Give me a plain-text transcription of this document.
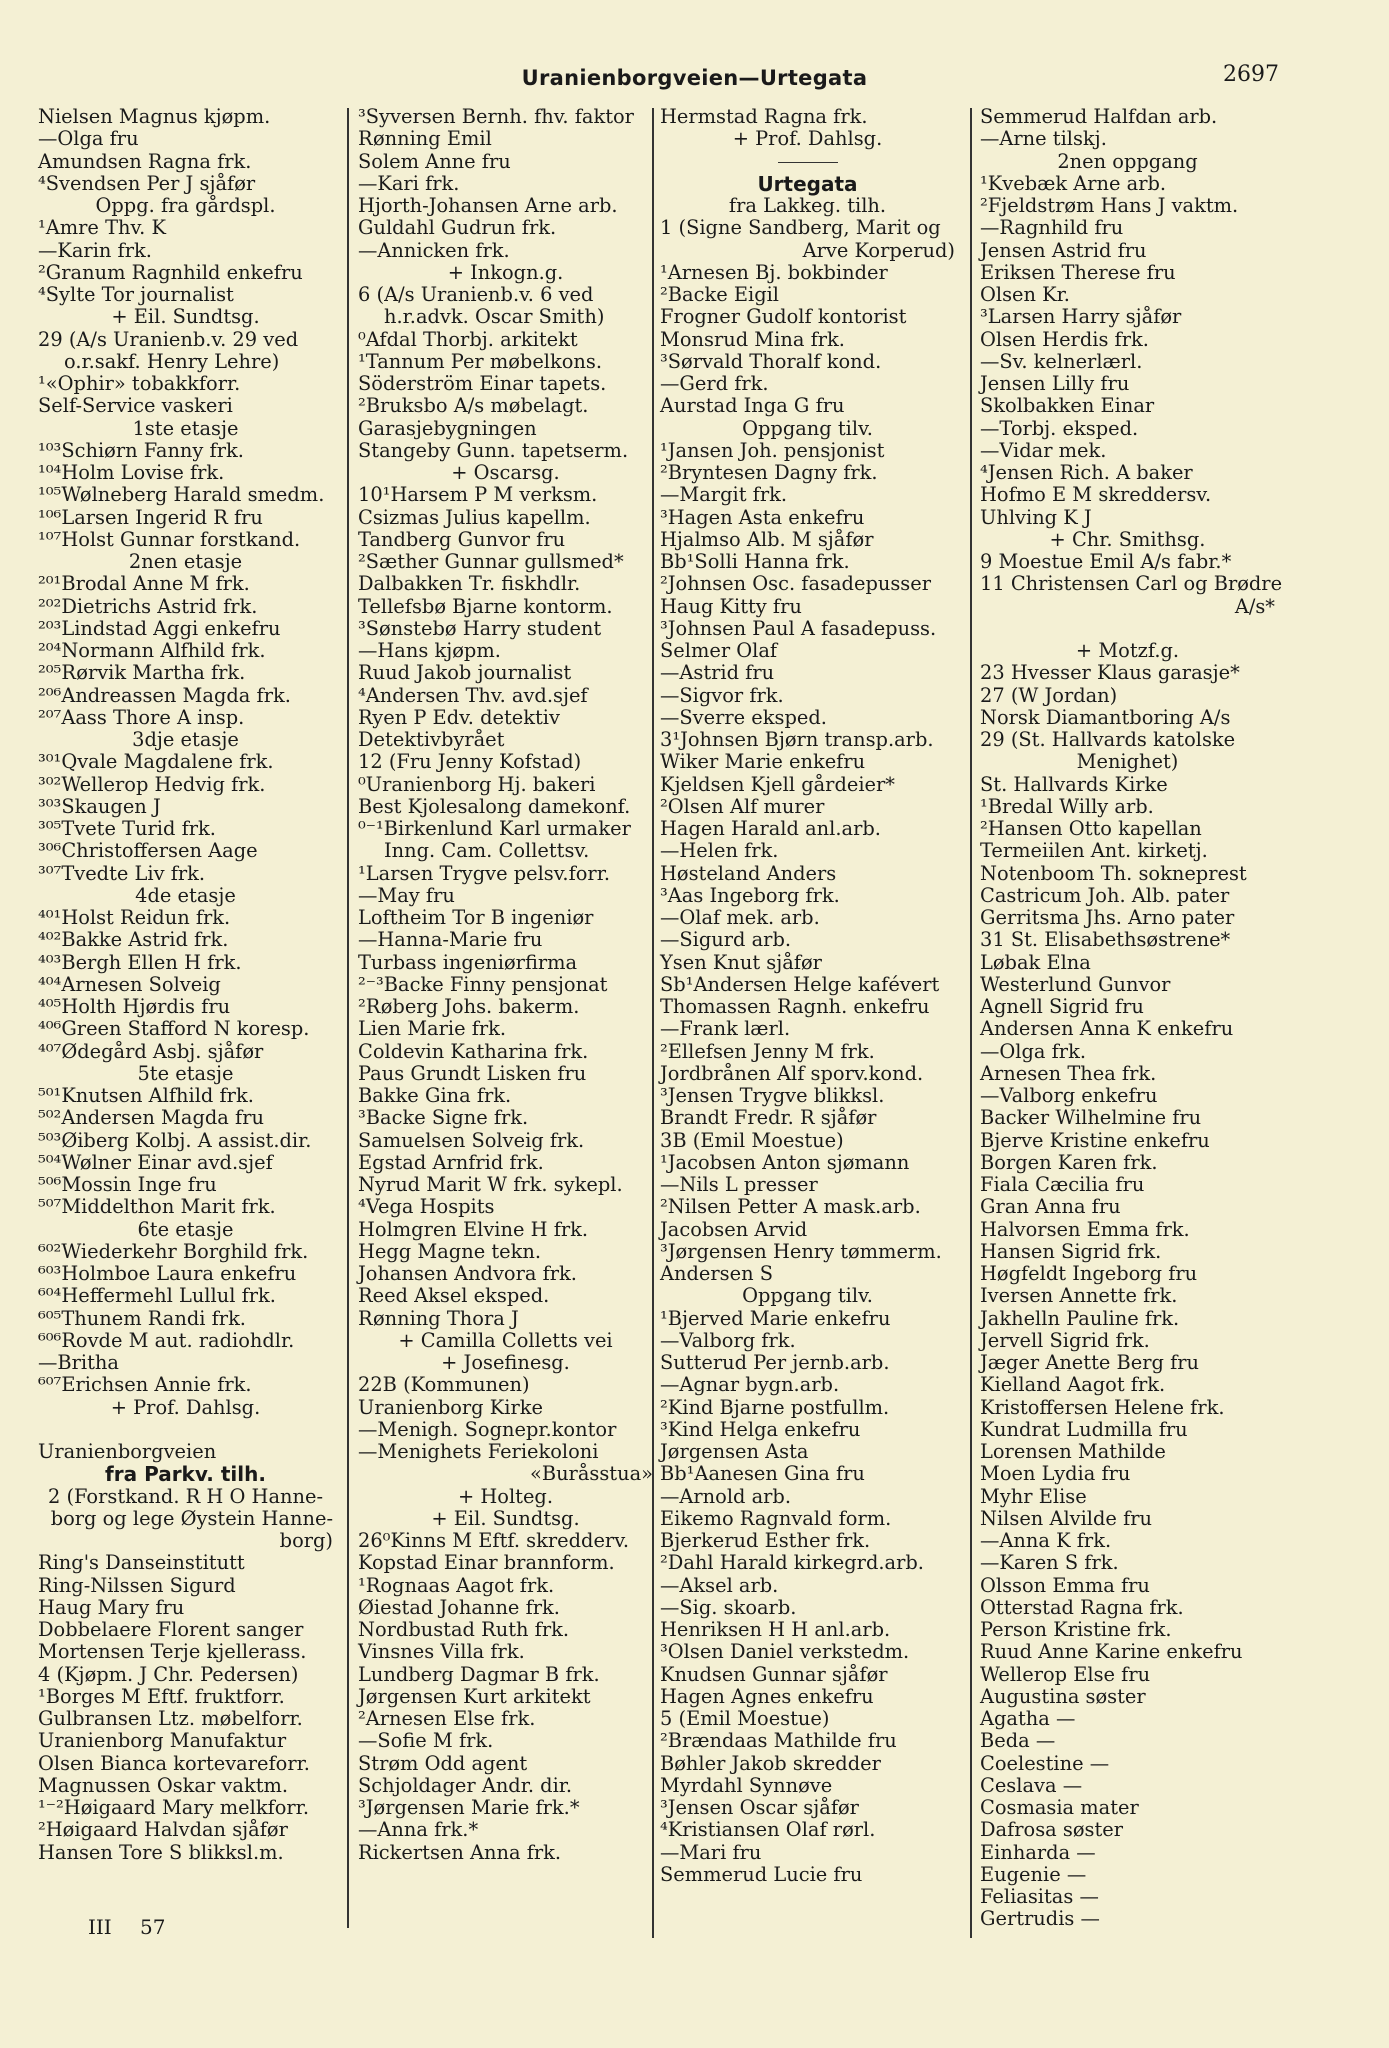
Uranienborgveien—Urtegata	2697
Nielsen Magnus kjøpm.
—Olga fru
Amundsen Ragna frk.
⁴Svendsen Per J sjåfør
Oppg. fra gårdspl.
¹Amre Thv. K
—Karin frk.
²Granum Ragnhild enkefru
⁴Sylte Tor journalist
+ Eil. Sundtsg.
29 (A/s Uranienb.v. 29 ved
o.r.sakf. Henry Lehre)
¹«Ophir» tobakkforr.
Self-Service vaskeri
1ste etasje
¹⁰³Schiørn Fanny frk.
¹⁰⁴Holm Lovise frk.
¹⁰⁵Wølneberg Harald smedm.
¹⁰⁶Larsen Ingerid R fru
¹⁰⁷Holst Gunnar forstkand.
2nen etasje
²⁰¹Brodal Anne M frk.
²⁰²Dietrichs Astrid frk.
²⁰³Lindstad Aggi enkefru
²⁰⁴Normann Alfhild frk.
²⁰⁵Rørvik Martha frk.
²⁰⁶Andreassen Magda frk.
²⁰⁷Aass Thore A insp.
3dje etasje
³⁰¹Qvale Magdalene frk.
³⁰²Wellerop Hedvig frk.
³⁰³Skaugen J
³⁰⁵Tvete Turid frk.
³⁰⁶Christoffersen Aage
³⁰⁷Tvedte Liv frk.
4de etasje
⁴⁰¹Holst Reidun frk.
⁴⁰²Bakke Astrid frk.
⁴⁰³Bergh Ellen H frk.
⁴⁰⁴Arnesen Solveig
⁴⁰⁵Holth Hjørdis fru
⁴⁰⁶Green Stafford N koresp.
⁴⁰⁷Ødegård Asbj. sjåfør
5te etasje
⁵⁰¹Knutsen Alfhild frk.
⁵⁰²Andersen Magda fru
⁵⁰³Øiberg Kolbj. A assist.dir.
⁵⁰⁴Wølner Einar avd.sjef
⁵⁰⁶Mossin Inge fru
⁵⁰⁷Middelthon Marit frk.
6te etasje
⁶⁰²Wiederkehr Borghild frk.
⁶⁰³Holmboe Laura enkefru
⁶⁰⁴Heffermehl Lullul frk.
⁶⁰⁵Thunem Randi frk.
⁶⁰⁶Rovde M aut. radiohdlr.
—Britha
⁶⁰⁷Erichsen Annie frk.
+ Prof. Dahlsg.
Uranienborgveien
fra Parkv. tilh.
2 (Forstkand. R H O Hanne-
borg og lege Øystein Hanne-
borg)
Ring's Danseinstitutt
Ring-Nilssen Sigurd
Haug Mary fru
Dobbelaere Florent sanger
Mortensen Terje kjellerass.
4 (Kjøpm. J Chr. Pedersen)
¹Borges M Eftf. fruktforr.
Gulbransen Ltz. møbelforr.
Uranienborg Manufaktur
Olsen Bianca kortevareforr.
Magnussen Oskar vaktm.
¹⁻²Høigaard Mary melkforr.
²Høigaard Halvdan sjåfør
Hansen Tore S blikksl.m.
³Syversen Bernh. fhv. faktor
Rønning Emil
Solem Anne fru
—Kari frk.
Hjorth-Johansen Arne arb.
Guldahl Gudrun frk.
—Annicken frk.
+ Inkogn.g.
6 (A/s Uranienb.v. 6 ved
h.r.advk. Oscar Smith)
⁰Afdal Thorbj. arkitekt
¹Tannum Per møbelkons.
Söderström Einar tapets.
²Bruksbo A/s møbelagt.
Garasjebygningen
Stangeby Gunn. tapetserm.
+ Oscarsg.
10¹Harsem P M verksm.
Csizmas Julius kapellm.
Tandberg Gunvor fru
²Sæther Gunnar gullsmed*
Dalbakken Tr. fiskhdlr.
Tellefsbø Bjarne kontorm.
³Sønstebø Harry student
—Hans kjøpm.
Ruud Jakob journalist
⁴Andersen Thv. avd.sjef
Ryen P Edv. detektiv
Detektivbyrået
12 (Fru Jenny Kofstad)
⁰Uranienborg Hj. bakeri
Best Kjolesalong damekonf.
⁰⁻¹Birkenlund Karl urmaker
Inng. Cam. Collettsv.
¹Larsen Trygve pelsv.forr.
—May fru
Loftheim Tor B ingeniør
—Hanna-Marie fru
Turbass ingeniørfirma
²⁻³Backe Finny pensjonat
²Røberg Johs. bakerm.
Lien Marie frk.
Coldevin Katharina frk.
Paus Grundt Lisken fru
Bakke Gina frk.
³Backe Signe frk.
Samuelsen Solveig frk.
Egstad Arnfrid frk.
Nyrud Marit W frk. sykepl.
⁴Vega Hospits
Holmgren Elvine H frk.
Hegg Magne tekn.
Johansen Andvora frk.
Reed Aksel eksped.
Rønning Thora J
+ Camilla Colletts vei
+ Josefinesg.
22B (Kommunen)
Uranienborg Kirke
—Menigh. Sognepr.kontor
—Menighets Feriekoloni
«Buråsstua»
+ Holteg.
+ Eil. Sundtsg.
26⁰Kinns M Eftf. skredderv.
Kopstad Einar brannform.
¹Rognaas Aagot frk.
Øiestad Johanne frk.
Nordbustad Ruth frk.
Vinsnes Villa frk.
Lundberg Dagmar B frk.
Jørgensen Kurt arkitekt
²Arnesen Else frk.
—Sofie M frk.
Strøm Odd agent
Schjoldager Andr. dir.
³Jørgensen Marie frk.*
—Anna frk.*
Rickertsen Anna frk.
Hermstad Ragna frk.
+ Prof. Dahlsg.
Urtegata
fra Lakkeg. tilh.
1 (Signe Sandberg, Marit og
Arve Korperud)
¹Arnesen Bj. bokbinder
²Backe Eigil
Frogner Gudolf kontorist
Monsrud Mina frk.
³Sørvald Thoralf kond.
—Gerd frk.
Aurstad Inga G fru
Oppgang tilv.
¹Jansen Joh. pensjonist
²Bryntesen Dagny frk.
—Margit frk.
³Hagen Asta enkefru
Hjalmso Alb. M sjåfør
Bb¹Solli Hanna frk.
²Johnsen Osc. fasadepusser
Haug Kitty fru
³Johnsen Paul A fasadepuss.
Selmer Olaf
—Astrid fru
—Sigvor frk.
—Sverre eksped.
3¹Johnsen Bjørn transp.arb.
Wiker Marie enkefru
Kjeldsen Kjell gårdeier*
²Olsen Alf murer
Hagen Harald anl.arb.
—Helen frk.
Høsteland Anders
³Aas Ingeborg frk.
—Olaf mek. arb.
—Sigurd arb.
Ysen Knut sjåfør
Sb¹Andersen Helge kafévert
Thomassen Ragnh. enkefru
—Frank lærl.
²Ellefsen Jenny M frk.
Jordbrånen Alf sporv.kond.
³Jensen Trygve blikksl.
Brandt Fredr. R sjåfør
3B (Emil Moestue)
¹Jacobsen Anton sjømann
—Nils L presser
²Nilsen Petter A mask.arb.
Jacobsen Arvid
³Jørgensen Henry tømmerm.
Andersen S
Oppgang tilv.
¹Bjerved Marie enkefru
—Valborg frk.
Sutterud Per jernb.arb.
—Agnar bygn.arb.
²Kind Bjarne postfullm.
³Kind Helga enkefru
Jørgensen Asta
Bb¹Aanesen Gina fru
—Arnold arb.
Eikemo Ragnvald form.
Bjerkerud Esther frk.
²Dahl Harald kirkegrd.arb.
—Aksel arb.
—Sig. skoarb.
Henriksen H H anl.arb.
³Olsen Daniel verkstedm.
Knudsen Gunnar sjåfør
Hagen Agnes enkefru
5 (Emil Moestue)
²Brændaas Mathilde fru
Bøhler Jakob skredder
Myrdahl Synnøve
³Jensen Oscar sjåfør
⁴Kristiansen Olaf rørl.
—Mari fru
Semmerud Lucie fru
Semmerud Halfdan arb.
—Arne tilskj.
2nen oppgang
¹Kvebæk Arne arb.
²Fjeldstrøm Hans J vaktm.
—Ragnhild fru
Jensen Astrid fru
Eriksen Therese fru
Olsen Kr.
³Larsen Harry sjåfør
Olsen Herdis frk.
—Sv. kelnerlærl.
Jensen Lilly fru
Skolbakken Einar
—Torbj. eksped.
—Vidar mek.
⁴Jensen Rich. A baker
Hofmo E M skreddersv.
Uhlving K J
+ Chr. Smithsg.
9 Moestue Emil A/s fabr.*
11 Christensen Carl og Brødre
A/s*
+ Motzf.g.
23 Hvesser Klaus garasje*
27 (W Jordan)
Norsk Diamantboring A/s
29 (St. Hallvards katolske
Menighet)
St. Hallvards Kirke
¹Bredal Willy arb.
²Hansen Otto kapellan
Termeiilen Ant. kirketj.
Notenboom Th. sokneprest
Castricum Joh. Alb. pater
Gerritsma Jhs. Arno pater
31 St. Elisabethsøstrene*
Løbak Elna
Westerlund Gunvor
Agnell Sigrid fru
Andersen Anna K enkefru
—Olga frk.
Arnesen Thea frk.
—Valborg enkefru
Backer Wilhelmine fru
Bjerve Kristine enkefru
Borgen Karen frk.
Fiala Cæcilia fru
Gran Anna fru
Halvorsen Emma frk.
Hansen Sigrid frk.
Høgfeldt Ingeborg fru
Iversen Annette frk.
Jakhelln Pauline frk.
Jervell Sigrid frk.
Jæger Anette Berg fru
Kielland Aagot frk.
Kristoffersen Helene frk.
Kundrat Ludmilla fru
Lorensen Mathilde
Moen Lydia fru
Myhr Elise
Nilsen Alvilde fru
—Anna K frk.
—Karen S frk.
Olsson Emma fru
Otterstad Ragna frk.
Person Kristine frk.
Ruud Anne Karine enkefru
Wellerop Else fru
Augustina søster
Agatha —
Beda —
Coelestine —
Ceslava —
Cosmasia mater
Dafrosa søster
Einharda —
Eugenie —
Feliasitas —
Gertrudis —
III 57
